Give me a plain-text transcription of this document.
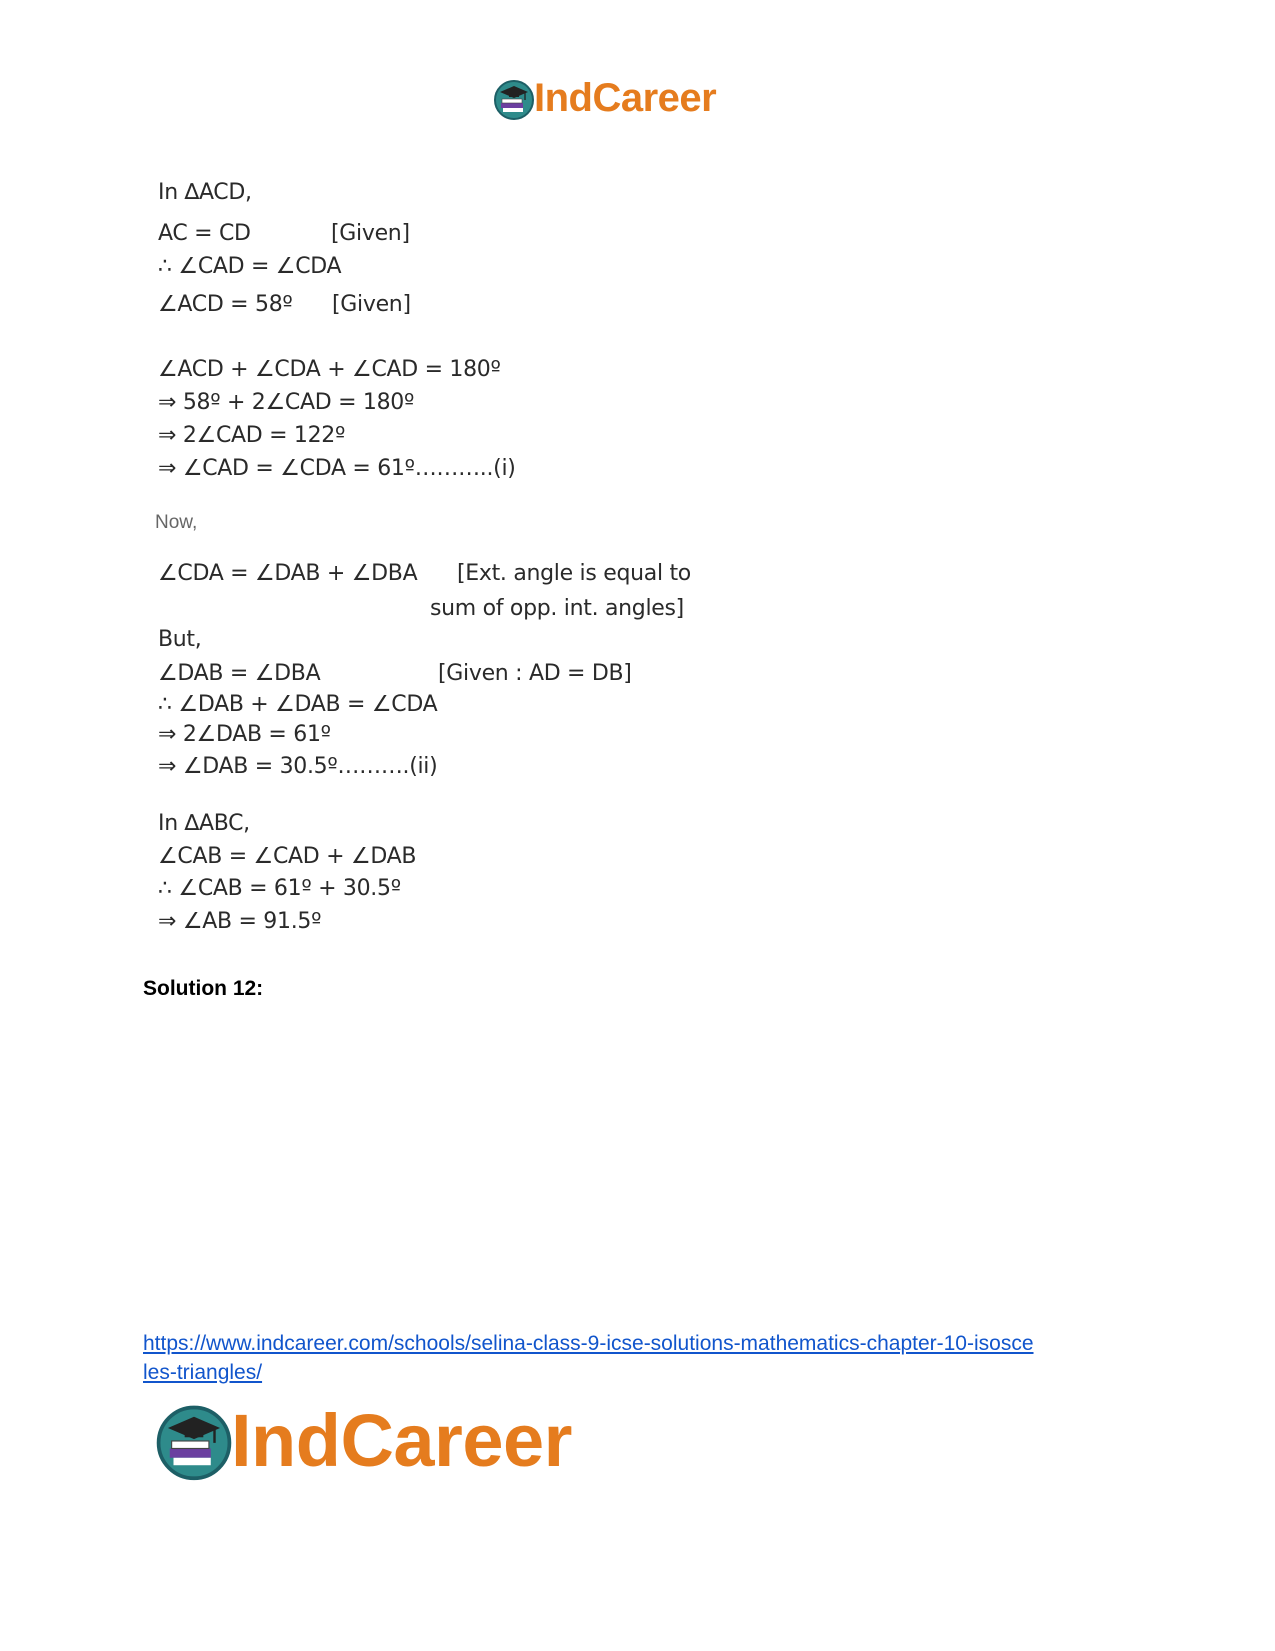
IndCareer
In ∆ACD,
AC = CD	[Given]
∴ ∠CAD = ∠CDA
∠ACD = 58º [Given]
∠ACD + ∠CDA + ∠CAD = 180º
⇒ 58º + 2∠CAD = 180º
⇒ 2∠CAD = 122º
⇒ ∠CAD = ∠CDA = 61º………..(i)
Now,
∠CDA = ∠DAB + ∠DBA [Ext. angle is equal to
sum of opp. int. angles]
But,
∠DAB = ∠DBA	[Given : AD = DB]
∴ ∠DAB + ∠DAB = ∠CDA
⇒ 2∠DAB = 61º
⇒ ∠DAB = 30.5º……….(ii)
In ∆ABC,
∠CAB = ∠CAD + ∠DAB
∴ ∠CAB = 61º + 30.5º
⇒ ∠AB = 91.5º
Solution 12:
https://www.indcareer.com/schools/selina-class-9-icse-solutions-mathematics-chapter-10-isosce
les-triangles/
IndCareer
